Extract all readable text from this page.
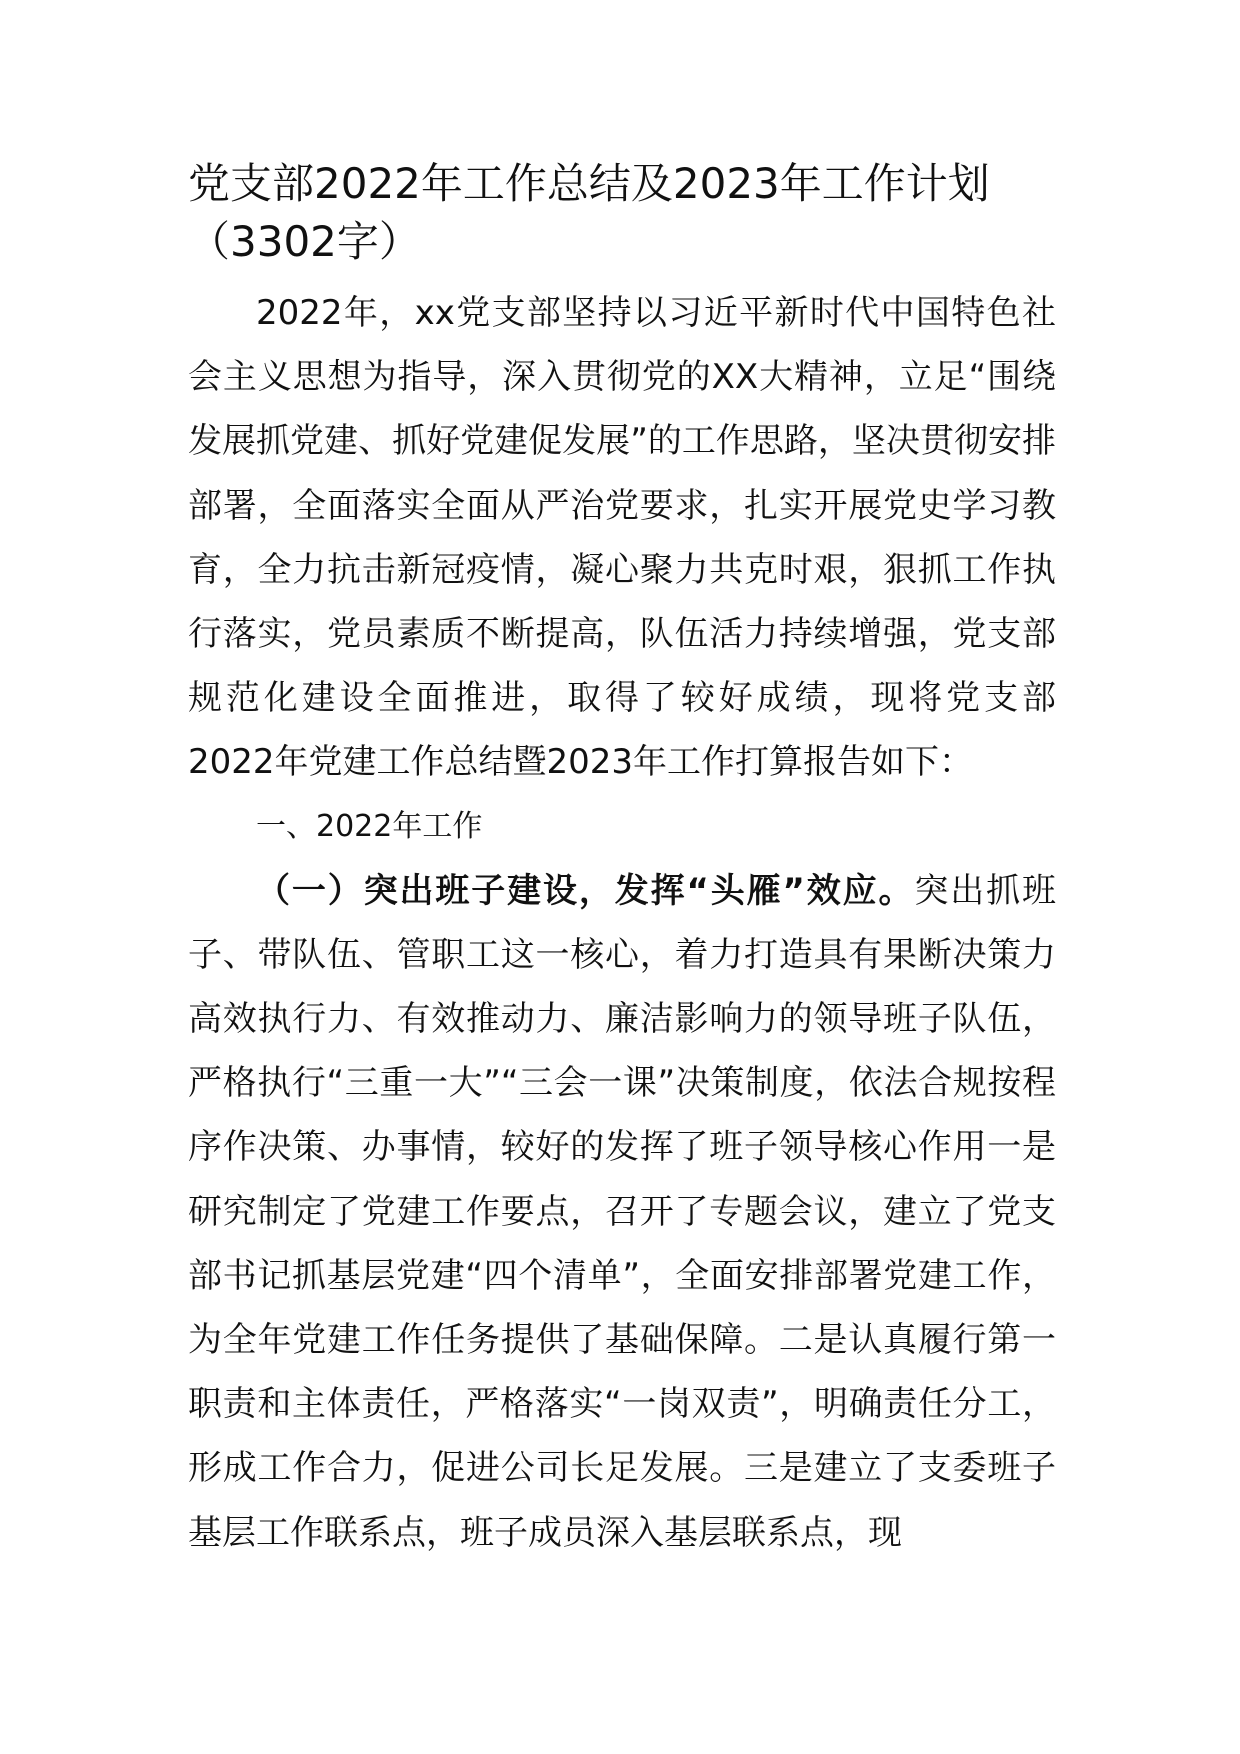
党支部2022年工作总结及2023年工作计划
（3302字）

2022年，xx党支部坚持以习近平新时代中国特色社会主义思想为指导，深入贯彻党的XX大精神，立足“围绕发展抓党建、抓好党建促发展”的工作思路，坚决贯彻安排部署，全面落实全面从严治党要求，扎实开展党史学习教育，全力抗击新冠疫情，凝心聚力共克时艰，狠抓工作执行落实，党员素质不断提高，队伍活力持续增强，党支部规范化建设全面推进，取得了较好成绩，现将党支部2022年党建工作总结暨2023年工作打算报告如下：

一、2022年工作

（一）突出班子建设，发挥“头雁”效应。突出抓班子、带队伍、管职工这一核心，着力打造具有果断决策力高效执行力、有效推动力、廉洁影响力的领导班子队伍，严格执行“三重一大”“三会一课”决策制度，依法合规按程序作决策、办事情，较好的发挥了班子领导核心作用一是研究制定了党建工作要点，召开了专题会议，建立了党支部书记抓基层党建“四个清单”，全面安排部署党建工作，为全年党建工作任务提供了基础保障。二是认真履行第一职责和主体责任，严格落实“一岗双责”，明确责任分工，形成工作合力，促进公司长足发展。三是建立了支委班子基层工作联系点，班子成员深入基层联系点，现
